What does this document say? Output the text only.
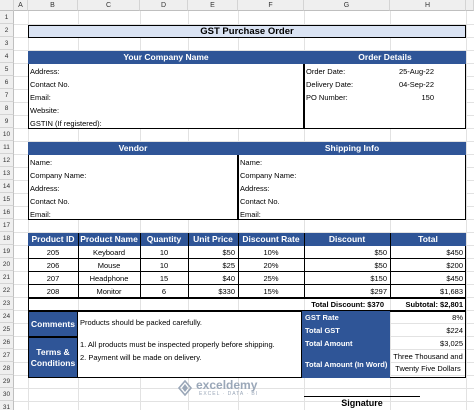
A	B	C	D	E	F	G	H
1
2
3
4
5
6
7
8
9
10
11
12
13
14
15
16
17
18
19
20
21
22
23
24
25
26
27
28
29
30
31
GST Purchase Order
Your Company Name
Address:
Contact No.
Email:
Website:
GSTIN (If registered):
Order Details
Order Date:	25-Aug-22
Delivery Date:	04-Sep-22
PO Number:	150
Vendor
Name:
Company Name:
Address:
Contact No.
Email:
Shipping Info
Name:
Company Name:
Address:
Contact No.
Email:
Product ID Product Name	Quantity	Unit Price	Discount Rate	Discount	Total
205	Keyboard	10	$50	10%	$50	$450
206	Mouse	10	$25	20%	$50	$200
207	Headphone	15	$40	25%	$150	$450
208	Monitor	6	$330	15%	$297	$1,683
Total Discount: $370	Subtotal: $2,801
Comments Products should be packed carefully.
Terms & Conditions
1. All products must be inspected properly before shipping.
2. Payment will be made on delivery.
GST Rate	8%
Total GST	$224
Total Amount	$3,025
Total Amount (In Word)
Three Thousand and Twenty Five Dollars
exceldemy
EXCEL · DATA · BI
Signature
